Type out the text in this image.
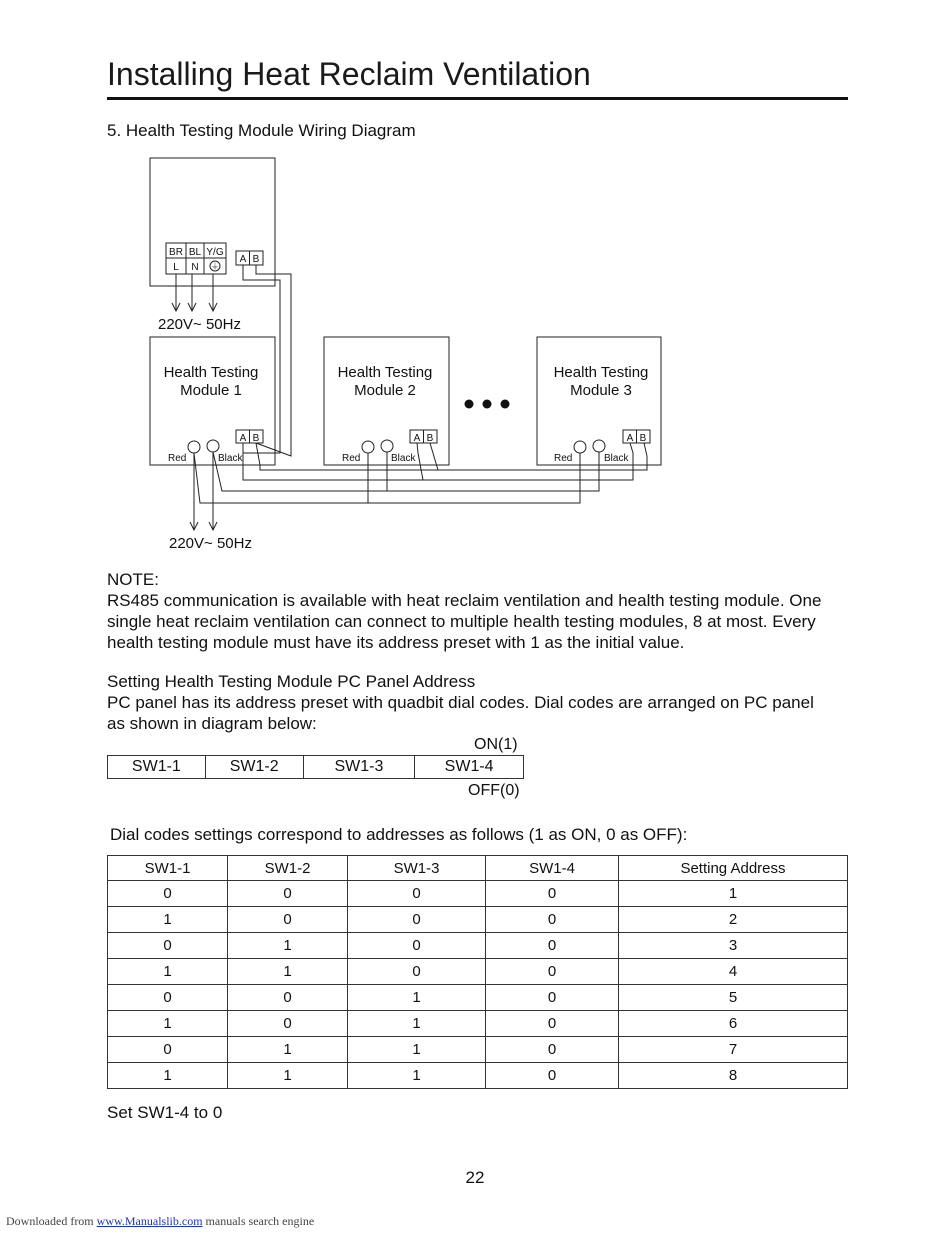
Installing Heat Reclaim Ventilation
5. Health Testing Module Wiring Diagram
BR BL Y/G
L N ⏚
A B
A B	A B	A B
220V~ 50Hz
220V~ 50Hz
Health Testing
Module 1
Health Testing
Module 2
Health Testing
Module 3
Red	Black	Red	Black	Red	Black
NOTE:
RS485 communication is available with heat reclaim ventilation and health testing module. One
single heat reclaim ventilation can connect to multiple health testing modules, 8 at most. Every
health testing module must have its address preset with 1 as the initial value.
Setting Health Testing Module PC Panel Address
PC panel has its address preset with quadbit dial codes. Dial codes are arranged on PC panel
as shown in diagram below:
ON(1)
SW1-1	SW1-2	SW1-3	SW1-4
OFF(0)
Dial codes settings correspond to addresses as follows (1 as ON, 0 as OFF):
SW1-1	SW1-2	SW1-3	SW1-4	Setting Address
0	0	0	0	1
1	0	0	0	2
0	1	0	0	3
1	1	0	0	4
0	0	1	0	5
1	0	1	0	6
0	1	1	0	7
1	1	1	0	8
Set SW1-4 to 0
22
Downloaded from www.Manualslib.com manuals search engine
